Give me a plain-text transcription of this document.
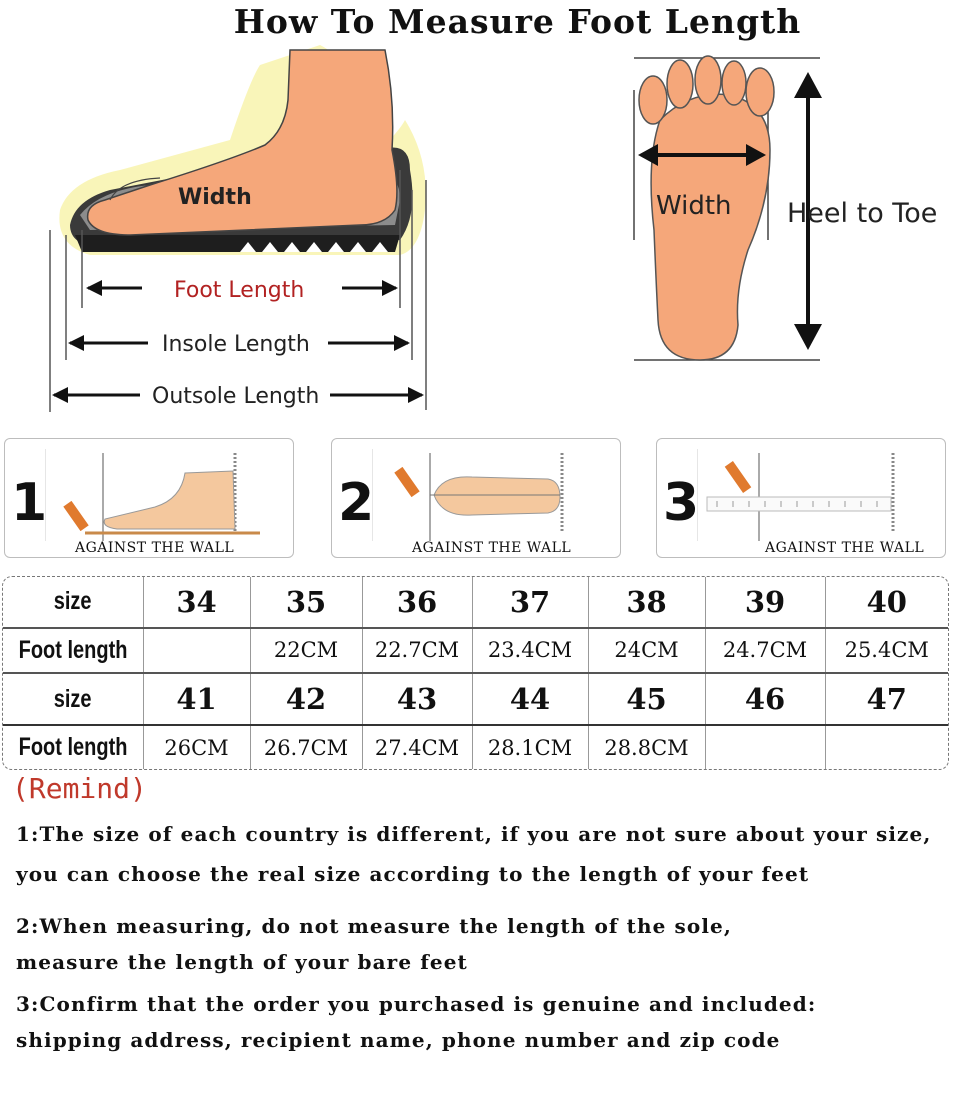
How To Measure Foot Length
Width
Foot Length
Insole Length
Outsole Length
Width Heel to Toe
1
AGAINST THE WALL
2
AGAINST THE WALL
3
AGAINST THE WALL
size	34	35	36	37	38	39	40
Foot length		22CM	22.7CM	23.4CM	24CM	24.7CM	25.4CM
size	41	42	43	44	45	46	47
Foot length	26CM	26.7CM	27.4CM	28.1CM	28.8CM		
(Remind)
1:The size of each country is different, if you are not sure about your size,
you can choose the real size according to the length of your feet
2:When measuring, do not measure the length of the sole,
measure the length of your bare feet
3:Confirm that the order you purchased is genuine and included:
shipping address, recipient name, phone number and zip code
